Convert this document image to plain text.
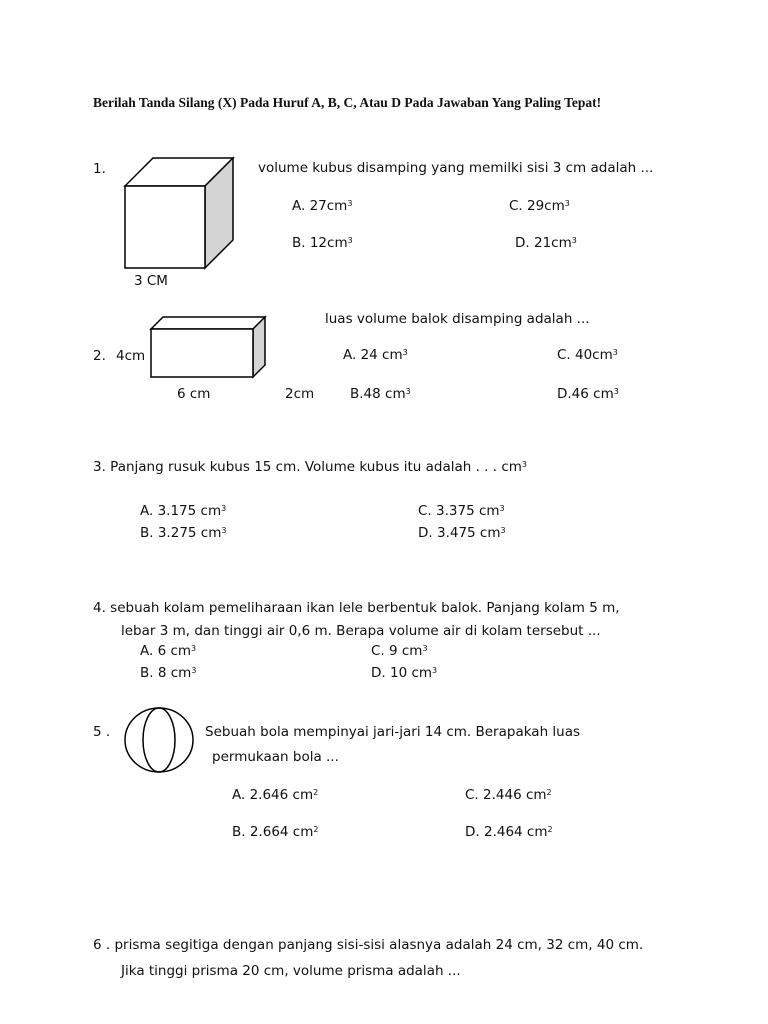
Berilah Tanda Silang (X) Pada Huruf A, B, C, Atau D Pada Jawaban Yang Paling Tepat!
1.
3 CM
volume kubus disamping yang memilki sisi 3 cm adalah ...
A. $27cm^3$	C. $29cm^3$
B. $12cm^3$	D. $21cm^3$
luas volume balok disamping adalah ...
2. 4cm	A. 24 $cm^3$	C. $40cm^3$
6 cm	2cm	B.48 $cm^3$	D.46 $cm^3$
3. Panjang rusuk kubus 15 cm. Volume kubus itu adalah . . . $cm^3$
A. 3.175 $cm^3$	C. 3.375 $cm^3$
B. 3.275 $cm^3$	D. 3.475 $cm^3$
4. sebuah kolam pemeliharaan ikan lele berbentuk balok. Panjang kolam 5 m,
lebar 3 m, dan tinggi air 0,6 m. Berapa volume air di kolam tersebut ...
A. 6 $cm^3$	C. 9 $cm^3$
B. 8 $cm^3$	D. 10 $cm^3$
5 .	Sebuah bola mempinyai jari-jari 14 cm. Berapakah luas
permukaan bola ...
A. 2.646 $cm^2$	C. 2.446 $cm^2$
B. 2.664 $cm^2$	D. 2.464 $cm^2$
6 . prisma segitiga dengan panjang sisi-sisi alasnya adalah 24 cm, 32 cm, 40 cm.
Jika tinggi prisma 20 cm, volume prisma adalah ...
